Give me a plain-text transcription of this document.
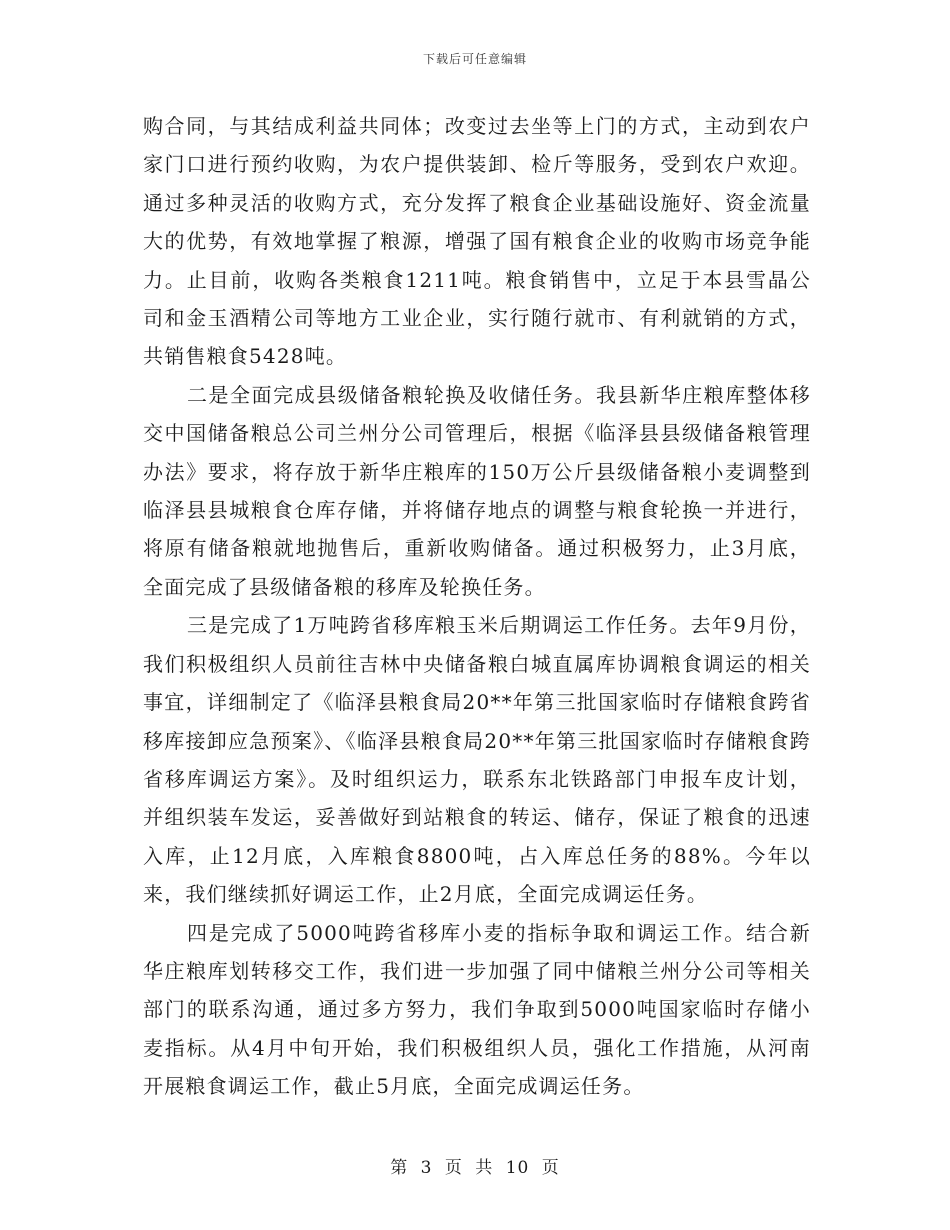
下载后可任意编辑

购合同，与其结成利益共同体；改变过去坐等上门的方式，主动到农户家门口进行预约收购，为农户提供装卸、检斤等服务，受到农户欢迎。通过多种灵活的收购方式，充分发挥了粮食企业基础设施好、资金流量大的优势，有效地掌握了粮源，增强了国有粮食企业的收购市场竞争能力。止目前，收购各类粮食1211吨。粮食销售中，立足于本县雪晶公司和金玉酒精公司等地方工业企业，实行随行就市、有利就销的方式，共销售粮食5428吨。

二是全面完成县级储备粮轮换及收储任务。我县新华庄粮库整体移交中国储备粮总公司兰州分公司管理后，根据《临泽县县级储备粮管理办法》要求，将存放于新华庄粮库的150万公斤县级储备粮小麦调整到临泽县县城粮食仓库存储，并将储存地点的调整与粮食轮换一并进行，将原有储备粮就地抛售后，重新收购储备。通过积极努力，止3月底，全面完成了县级储备粮的移库及轮换任务。

三是完成了1万吨跨省移库粮玉米后期调运工作任务。去年9月份，我们积极组织人员前往吉林中央储备粮白城直属库协调粮食调运的相关事宜，详细制定了《临泽县粮食局20**年第三批国家临时存储粮食跨省移库接卸应急预案》、《临泽县粮食局20**年第三批国家临时存储粮食跨省移库调运方案》。及时组织运力，联系东北铁路部门申报车皮计划，并组织装车发运，妥善做好到站粮食的转运、储存，保证了粮食的迅速入库，止12月底，入库粮食8800吨，占入库总任务的88%。今年以来，我们继续抓好调运工作，止2月底，全面完成调运任务。

四是完成了5000吨跨省移库小麦的指标争取和调运工作。结合新华庄粮库划转移交工作，我们进一步加强了同中储粮兰州分公司等相关部门的联系沟通，通过多方努力，我们争取到5000吨国家临时存储小麦指标。从4月中旬开始，我们积极组织人员，强化工作措施，从河南开展粮食调运工作，截止5月底，全面完成调运任务。

第 3 页 共 10 页
